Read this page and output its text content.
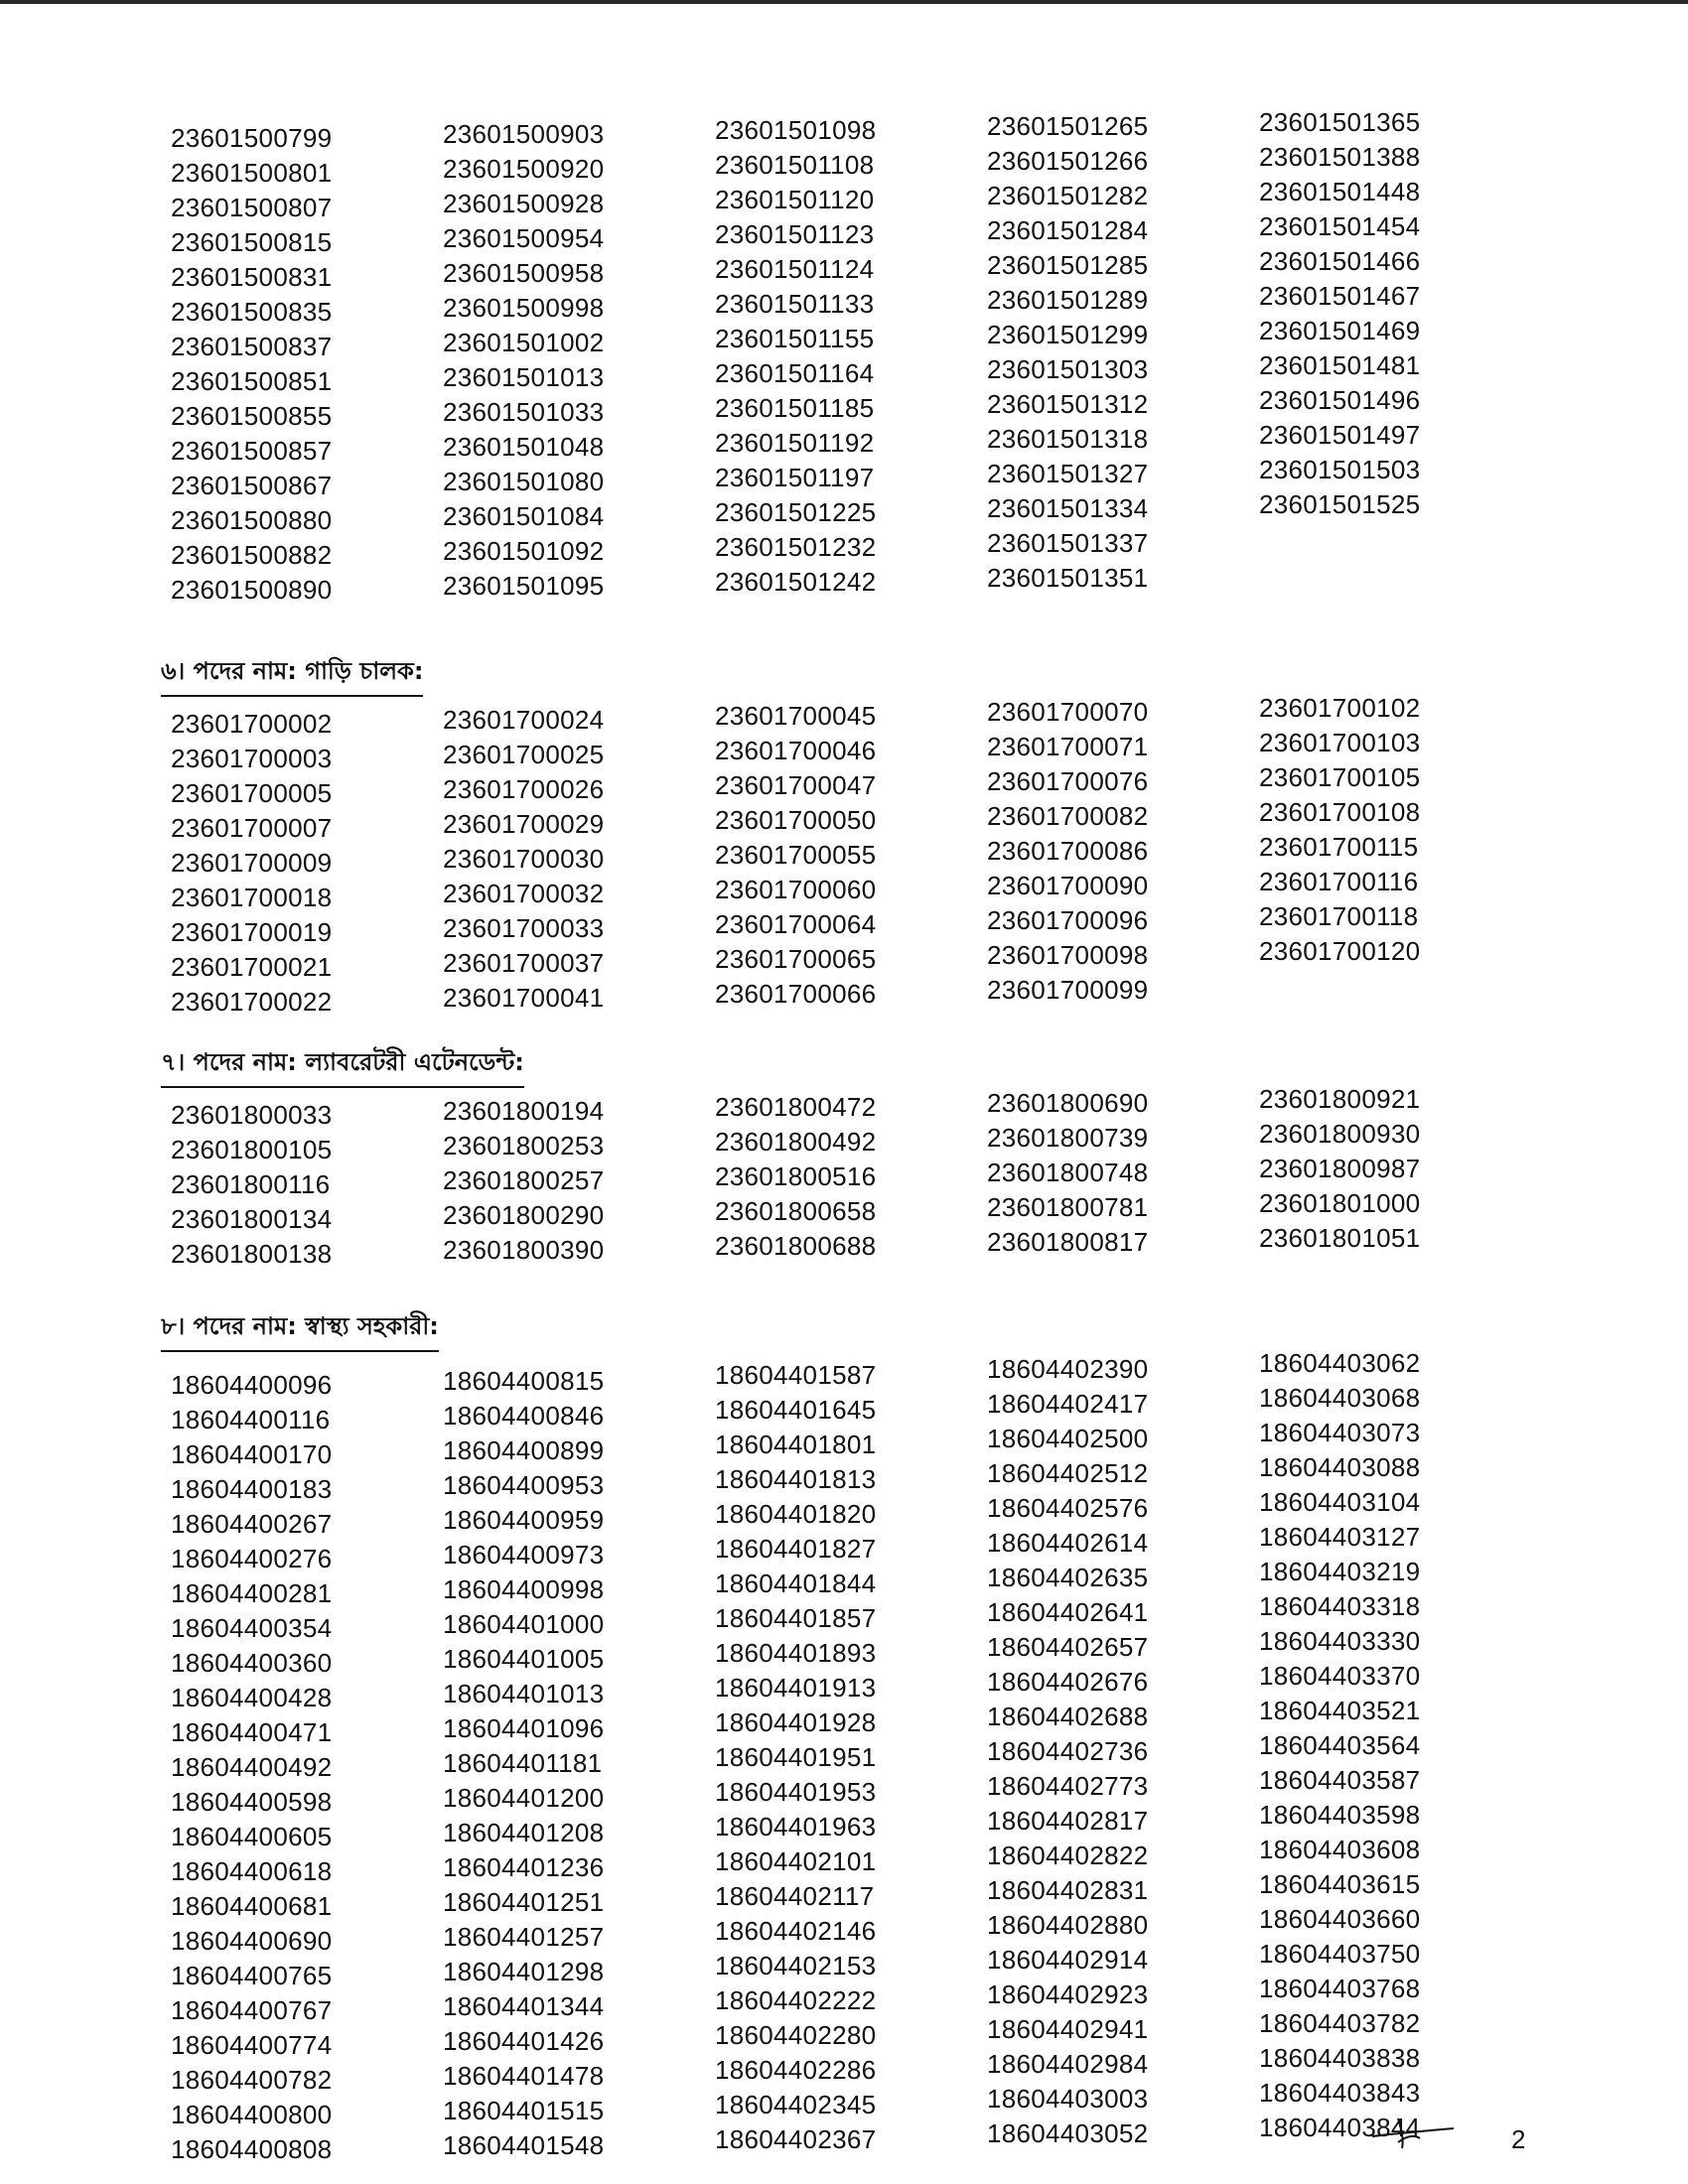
23601500799
23601500801
23601500807
23601500815
23601500831
23601500835
23601500837
23601500851
23601500855
23601500857
23601500867
23601500880
23601500882
23601500890
23601500903
23601500920
23601500928
23601500954
23601500958
23601500998
23601501002
23601501013
23601501033
23601501048
23601501080
23601501084
23601501092
23601501095
23601501098
23601501108
23601501120
23601501123
23601501124
23601501133
23601501155
23601501164
23601501185
23601501192
23601501197
23601501225
23601501232
23601501242
23601501265
23601501266
23601501282
23601501284
23601501285
23601501289
23601501299
23601501303
23601501312
23601501318
23601501327
23601501334
23601501337
23601501351
23601501365
23601501388
23601501448
23601501454
23601501466
23601501467
23601501469
23601501481
23601501496
23601501497
23601501503
23601501525
৬। পদের নাম: গাড়ি চালক:
23601700002
23601700003
23601700005
23601700007
23601700009
23601700018
23601700019
23601700021
23601700022
23601700024
23601700025
23601700026
23601700029
23601700030
23601700032
23601700033
23601700037
23601700041
23601700045
23601700046
23601700047
23601700050
23601700055
23601700060
23601700064
23601700065
23601700066
23601700070
23601700071
23601700076
23601700082
23601700086
23601700090
23601700096
23601700098
23601700099
23601700102
23601700103
23601700105
23601700108
23601700115
23601700116
23601700118
23601700120
৭। পদের নাম: ল্যাবরেটরী এটেনডেন্ট:
23601800033
23601800105
23601800116
23601800134
23601800138
23601800194
23601800253
23601800257
23601800290
23601800390
23601800472
23601800492
23601800516
23601800658
23601800688
23601800690
23601800739
23601800748
23601800781
23601800817
23601800921
23601800930
23601800987
23601801000
23601801051
৮। পদের নাম: স্বাস্থ্য সহকারী:
18604400096
18604400116
18604400170
18604400183
18604400267
18604400276
18604400281
18604400354
18604400360
18604400428
18604400471
18604400492
18604400598
18604400605
18604400618
18604400681
18604400690
18604400765
18604400767
18604400774
18604400782
18604400800
18604400808
18604400815
18604400846
18604400899
18604400953
18604400959
18604400973
18604400998
18604401000
18604401005
18604401013
18604401096
18604401181
18604401200
18604401208
18604401236
18604401251
18604401257
18604401298
18604401344
18604401426
18604401478
18604401515
18604401548
18604401587
18604401645
18604401801
18604401813
18604401820
18604401827
18604401844
18604401857
18604401893
18604401913
18604401928
18604401951
18604401953
18604401963
18604402101
18604402117
18604402146
18604402153
18604402222
18604402280
18604402286
18604402345
18604402367
18604402390
18604402417
18604402500
18604402512
18604402576
18604402614
18604402635
18604402641
18604402657
18604402676
18604402688
18604402736
18604402773
18604402817
18604402822
18604402831
18604402880
18604402914
18604402923
18604402941
18604402984
18604403003
18604403052
18604403062
18604403068
18604403073
18604403088
18604403104
18604403127
18604403219
18604403318
18604403330
18604403370
18604403521
18604403564
18604403587
18604403598
18604403608
18604403615
18604403660
18604403750
18604403768
18604403782
18604403838
18604403843
18604403844	2
